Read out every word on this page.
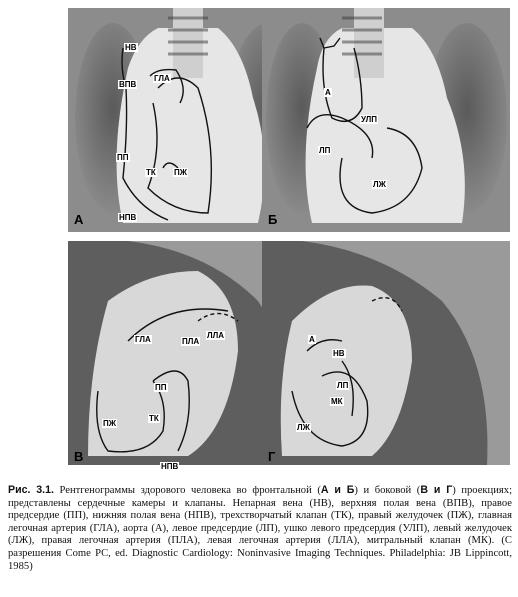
НВ
ВПВ
ГЛА
ПП
ТК ПЖ
НПВ
А
А
УЛП
ЛП
ЛЖ
Б
ГЛА	ПЛА
ЛЛА
ПП
ПЖ
ТК
НПВ
В
А
НВ
ЛП
МК
ЛЖ
Г
Рис. 3.1. Рентгенограммы здорового человека во фронтальной (А и Б) и боковой (В и Г) проекциях; представлены сердечные камеры и клапаны. Непарная вена (НВ), верхняя полая вена (ВПВ), правое предсердие (ПП), нижняя полая вена (НПВ), трехстворчатый клапан (ТК), правый желудочек (ПЖ), главная легочная артерия (ГЛА), аорта (А), левое предсердие (ЛП), ушко левого предсердия (УЛП), левый желудочек (ЛЖ), правая легочная артерия (ПЛА), левая легочная артерия (ЛЛА), митральный клапан (МК). (С разрешения Come PC, ed. Diagnostic Cardiology: Noninvasive Imaging Techniques. Philadelphia: JB Lippincott, 1985)
